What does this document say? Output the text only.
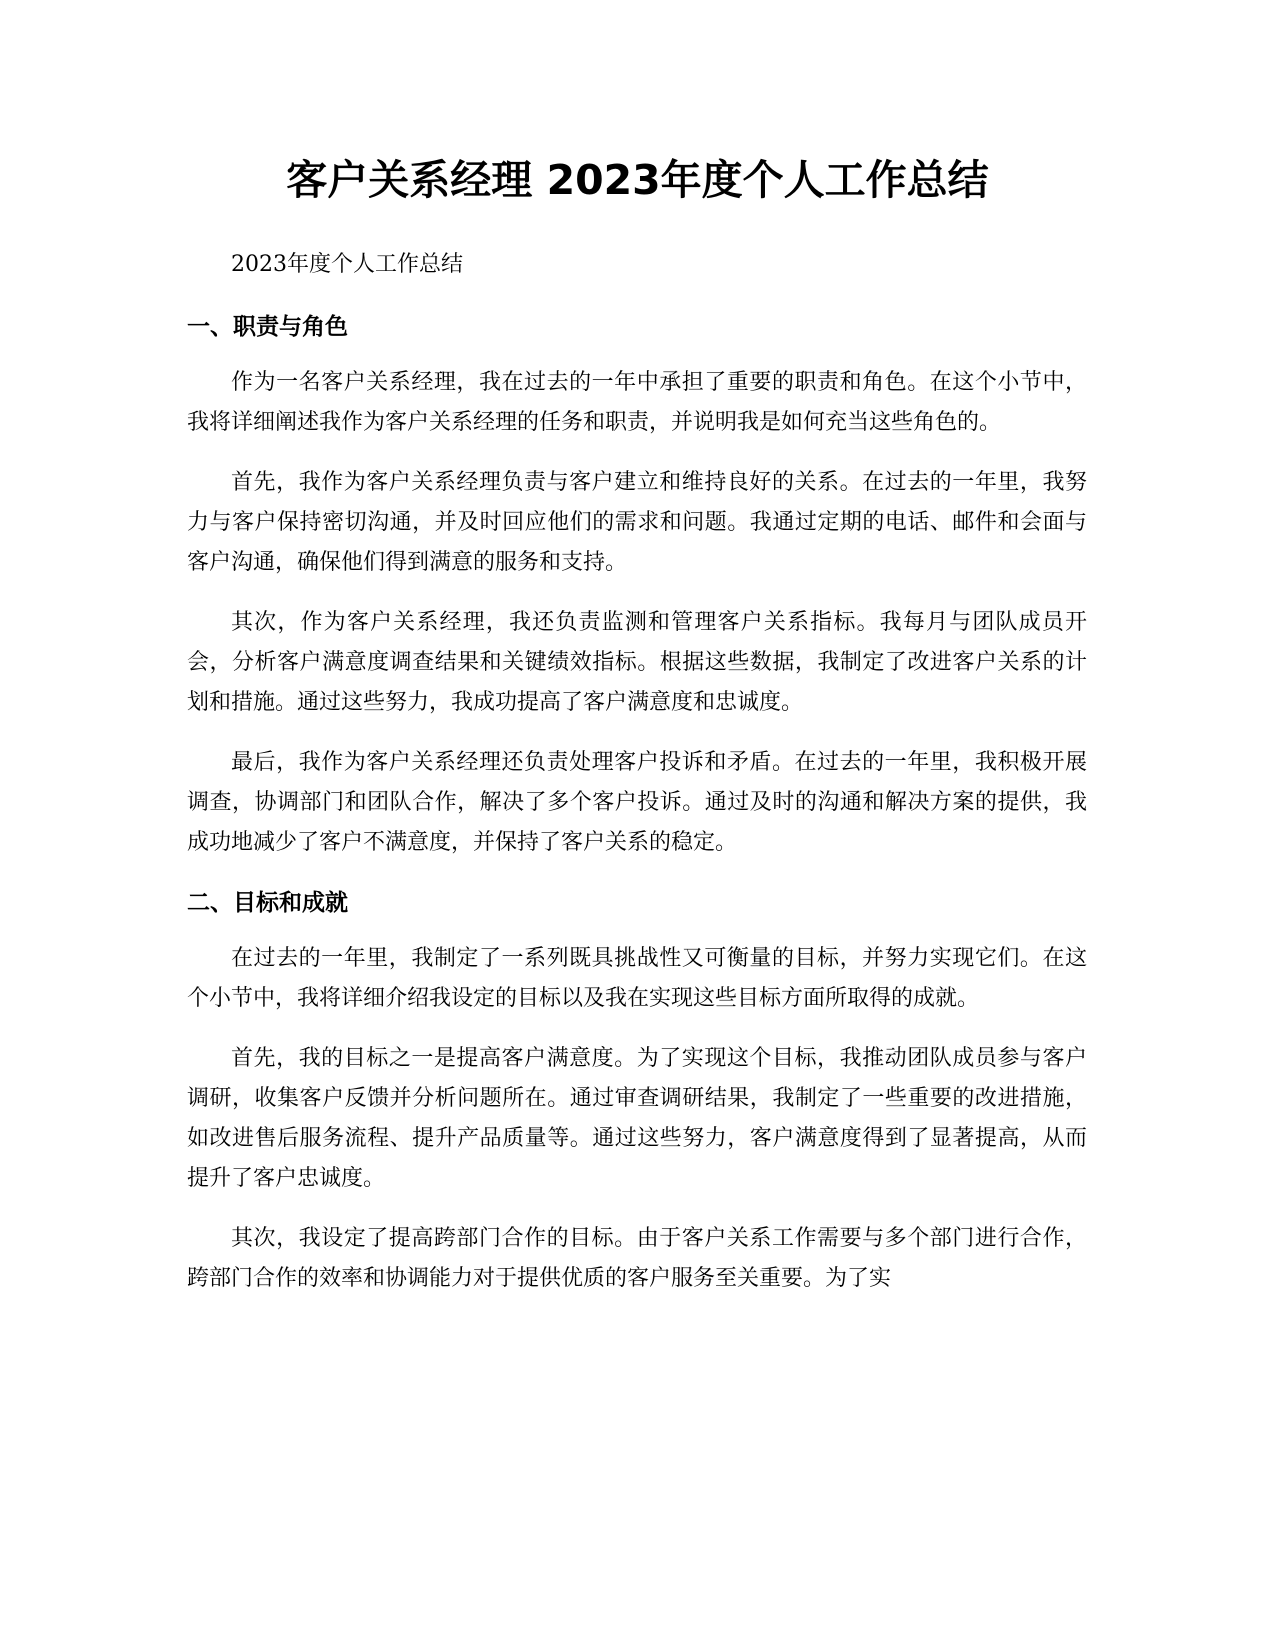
客户关系经理 2023年度个人工作总结

2023年度个人工作总结

一、职责与角色

作为一名客户关系经理，我在过去的一年中承担了重要的职责和角色。在这个小节中，我将详细阐述我作为客户关系经理的任务和职责，并说明我是如何充当这些角色的。

首先，我作为客户关系经理负责与客户建立和维持良好的关系。在过去的一年里，我努力与客户保持密切沟通，并及时回应他们的需求和问题。我通过定期的电话、邮件和会面与客户沟通，确保他们得到满意的服务和支持。

其次，作为客户关系经理，我还负责监测和管理客户关系指标。我每月与团队成员开会，分析客户满意度调查结果和关键绩效指标。根据这些数据，我制定了改进客户关系的计划和措施。通过这些努力，我成功提高了客户满意度和忠诚度。

最后，我作为客户关系经理还负责处理客户投诉和矛盾。在过去的一年里，我积极开展调查，协调部门和团队合作，解决了多个客户投诉。通过及时的沟通和解决方案的提供，我成功地减少了客户不满意度，并保持了客户关系的稳定。

二、目标和成就

在过去的一年里，我制定了一系列既具挑战性又可衡量的目标，并努力实现它们。在这个小节中，我将详细介绍我设定的目标以及我在实现这些目标方面所取得的成就。

首先，我的目标之一是提高客户满意度。为了实现这个目标，我推动团队成员参与客户调研，收集客户反馈并分析问题所在。通过审查调研结果，我制定了一些重要的改进措施，如改进售后服务流程、提升产品质量等。通过这些努力，客户满意度得到了显著提高，从而提升了客户忠诚度。

其次，我设定了提高跨部门合作的目标。由于客户关系工作需要与多个部门进行合作，跨部门合作的效率和协调能力对于提供优质的客户服务至关重要。为了实
